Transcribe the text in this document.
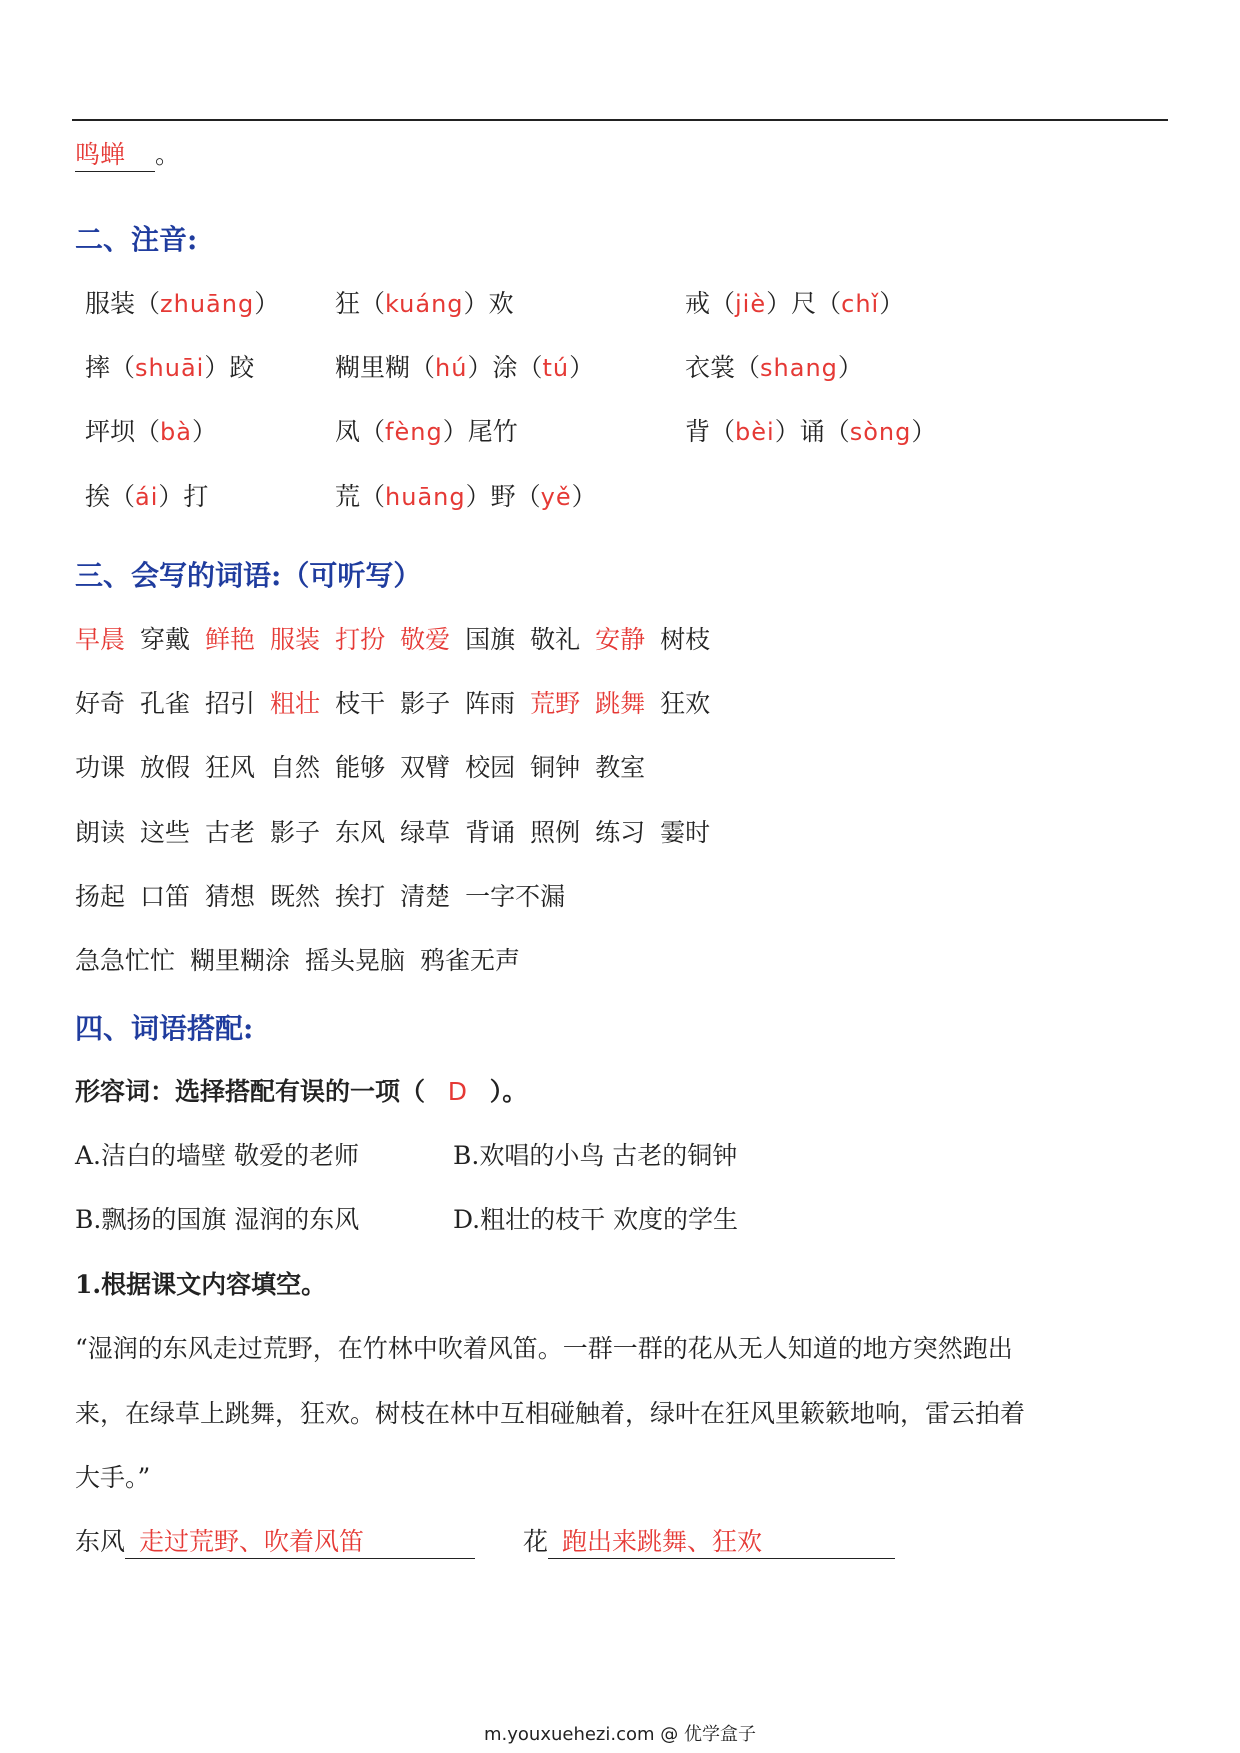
鸣蝉 。
二、注音:
服装（zhuāng） 狂（kuáng）欢	戒（jiè）尺（chǐ）
摔（shuāi）跤	糊里糊（hú）涂（tú）	衣裳（shang）
坪坝（bà）	凤（fèng）尾竹	背（bèi）诵（sòng）
挨（ái）打	荒（huāng）野（yě）
三、会写的词语:（可听写）
早晨 穿戴 鲜艳 服装 打扮 敬爱 国旗 敬礼 安静 树枝
好奇 孔雀 招引 粗壮 枝干 影子 阵雨 荒野 跳舞 狂欢
功课 放假 狂风 自然 能够 双臂 校园 铜钟 教室
朗读 这些 古老 影子 东风 绿草 背诵 照例 练习 霎时
扬起 口笛 猜想 既然 挨打 清楚 一字不漏
急急忙忙 糊里糊涂 摇头晃脑 鸦雀无声
四、词语搭配:
形容词：选择搭配有误的一项（ D ）。
A.洁白的墙壁 敬爱的老师	B.欢唱的小鸟 古老的铜钟
B.飘扬的国旗 湿润的东风	D.粗壮的枝干 欢度的学生
1.根据课文内容填空。
“湿润的东风走过荒野，在竹林中吹着风笛。一群一群的花从无人知道的地方突然跑出
来，在绿草上跳舞，狂欢。树枝在林中互相碰触着，绿叶在狂风里簌簌地响，雷云拍着
大手。”
东风 走过荒野、吹着风笛	花 跑出来跳舞、狂欢
m.youxuehezi.com @ 优学盒子
